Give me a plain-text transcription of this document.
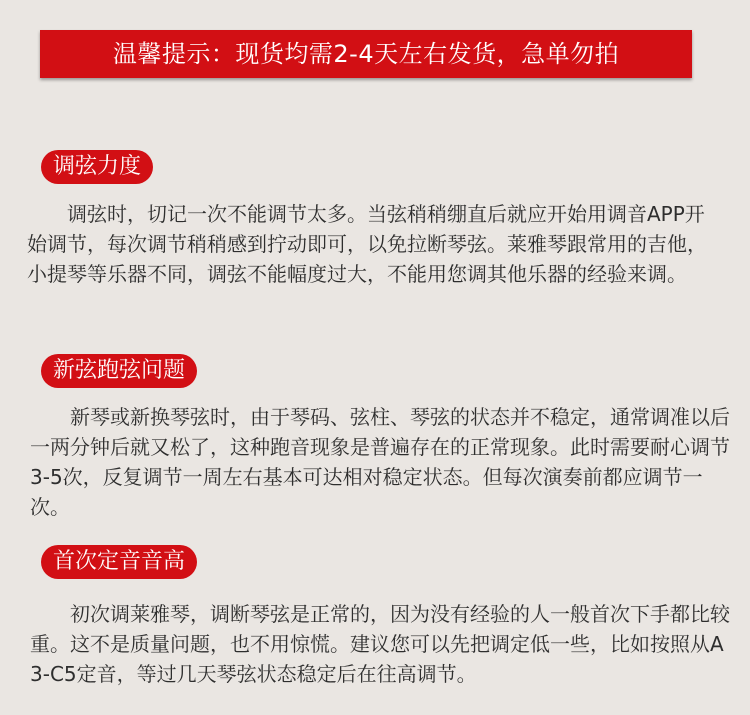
温馨提示：现货均需2-4天左右发货，急单勿拍
调弦力度
调弦时，切记一次不能调节太多。当弦稍稍绷直后就应开始用调音APP开始调节，每次调节稍稍感到拧动即可，以免拉断琴弦。莱雅琴跟常用的吉他，小提琴等乐器不同，调弦不能幅度过大，不能用您调其他乐器的经验来调。
新弦跑弦问题
新琴或新换琴弦时，由于琴码、弦柱、琴弦的状态并不稳定，通常调准以后一两分钟后就又松了，这种跑音现象是普遍存在的正常现象。此时需要耐心调节3-5次，反复调节一周左右基本可达相对稳定状态。但每次演奏前都应调节一次。
首次定音音高
初次调莱雅琴，调断琴弦是正常的，因为没有经验的人一般首次下手都比较重。这不是质量问题，也不用惊慌。建议您可以先把调定低一些，比如按照从A3-C5定音，等过几天琴弦状态稳定后在往高调节。
